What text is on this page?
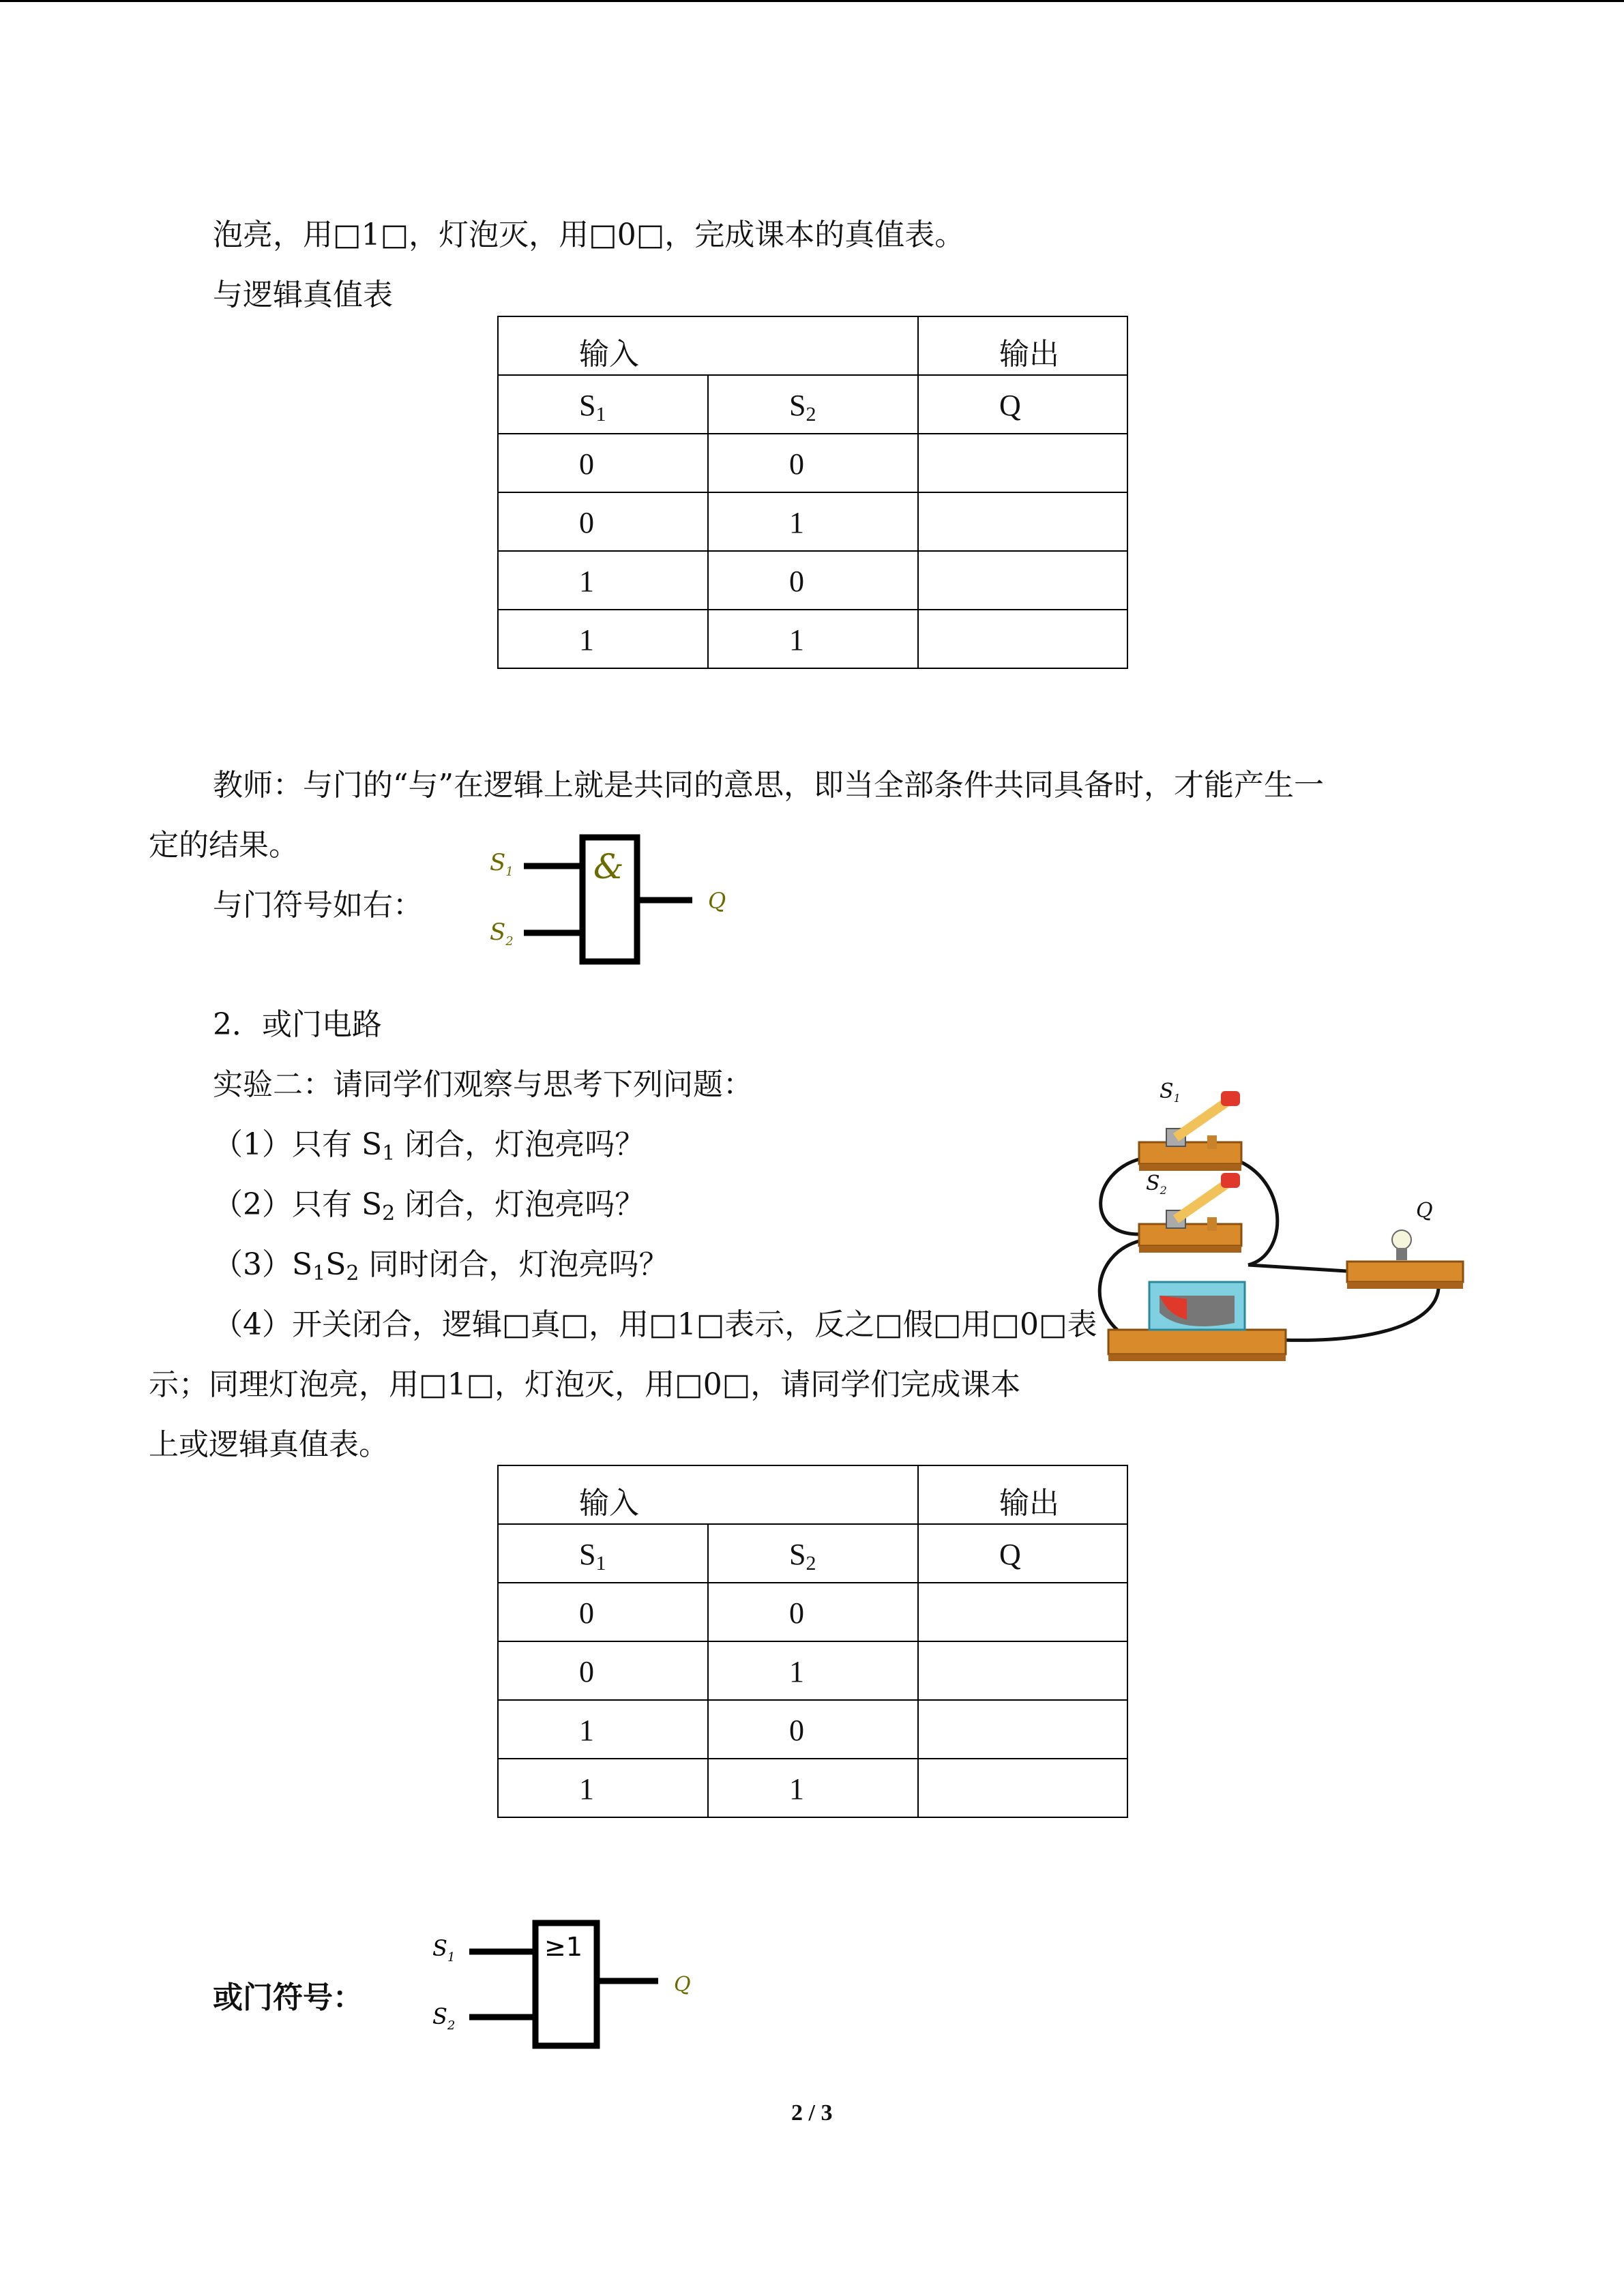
泡亮，用□1□，灯泡灭，用□0□，完成课本的真值表。
与逻辑真值表
输入		输出
$S_1$	$S_2$	Q
0	0	
0	1	
1	0	
1	1	
教师：与门的“与”在逻辑上就是共同的意思，即当全部条件共同具备时，才能产生一
定的结果。
与门符号如右：
&
$S_1$
$S_2$
Q
2．或门电路
实验二：请同学们观察与思考下列问题：
（1）只有 $S_1$ 闭合，灯泡亮吗？
（2）只有 $S_2$ 闭合，灯泡亮吗？
$(3)S_1S_2$ 同时闭合，灯泡亮吗？
（4）开关闭合，逻辑□真□，用□1□表示，反之□假□用□0□表
示；同理灯泡亮，用□1□，灯泡灭，用□0□，请同学们完成课本
上或逻辑真值表。
$S_1$
$S_2$
Q
输入		输出
$S_1$	$S_2$	Q
0	0	
0	1	
1	0	
1	1	
或门符号：
≥1
$S_1$
$S_2$
Q
2 / 3
